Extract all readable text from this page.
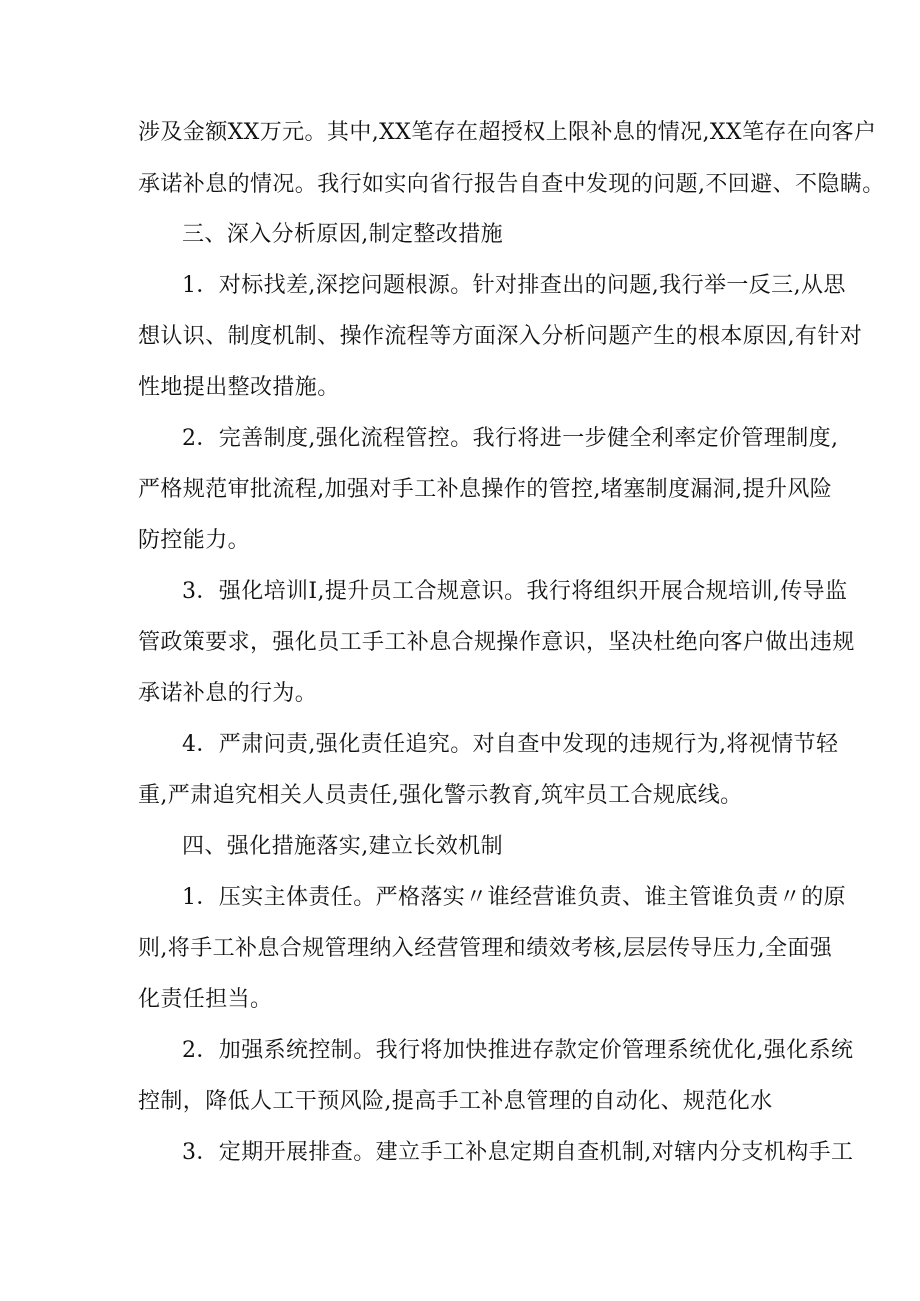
涉及金额XX万元。其中,XX笔存在超授权上限补息的情况,XX笔存在向客户
承诺补息的情况。我行如实向省行报告自查中发现的问题,不回避、不隐瞒。
三、深入分析原因,制定整改措施
1．对标找差,深挖问题根源。针对排查出的问题,我行举一反三,从思
想认识、制度机制、操作流程等方面深入分析问题产生的根本原因,有针对
性地提出整改措施。
2．完善制度,强化流程管控。我行将进一步健全利率定价管理制度,
严格规范审批流程,加强对手工补息操作的管控,堵塞制度漏洞,提升风险
防控能力。
3．强化培训I,提升员工合规意识。我行将组织开展合规培训,传导监
管政策要求，强化员工手工补息合规操作意识，坚决杜绝向客户做出违规
承诺补息的行为。
4．严肃问责,强化责任追究。对自查中发现的违规行为,将视情节轻
重,严肃追究相关人员责任,强化警示教育,筑牢员工合规底线。
四、强化措施落实,建立长效机制
1．压实主体责任。严格落实〃谁经营谁负责、谁主管谁负责〃的原
则,将手工补息合规管理纳入经营管理和绩效考核,层层传导压力,全面强
化责任担当。
2．加强系统控制。我行将加快推进存款定价管理系统优化,强化系统
控制，降低人工干预风险,提高手工补息管理的自动化、规范化水
3．定期开展排查。建立手工补息定期自查机制,对辖内分支机构手工
